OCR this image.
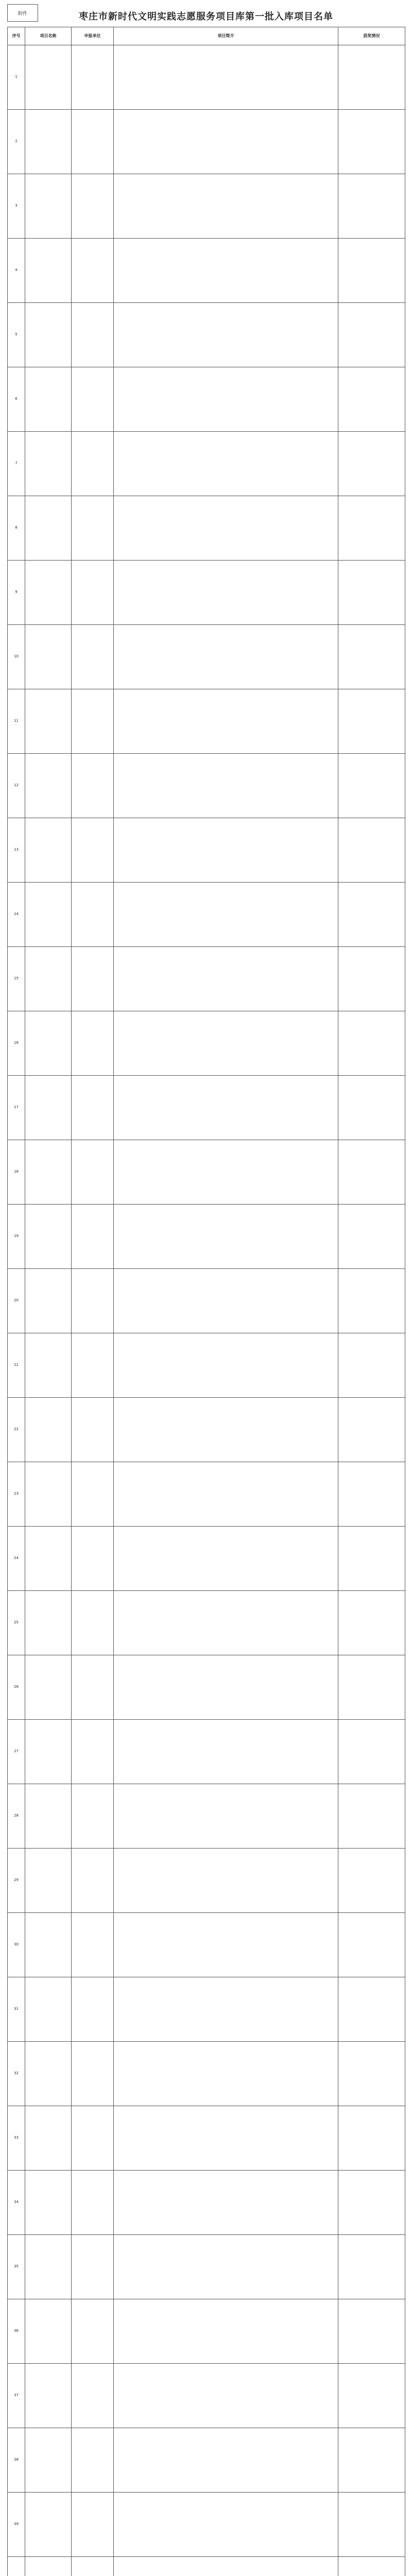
附件	枣庄市新时代文明实践志愿服务项目库第一批入库项目名单
序号	项目名称	申报单位	项目简介	获奖情况
1				
2				
3				
4				
5				
6				
7				
8				
9				
10				
11				
12				
13				
14				
15				
16				
17				
18				
19				
20				
21				
22				
23				
24				
25				
26				
27				
28				
29				
30				
31				
32				
33				
34				
35				
36				
37				
38				
39				
